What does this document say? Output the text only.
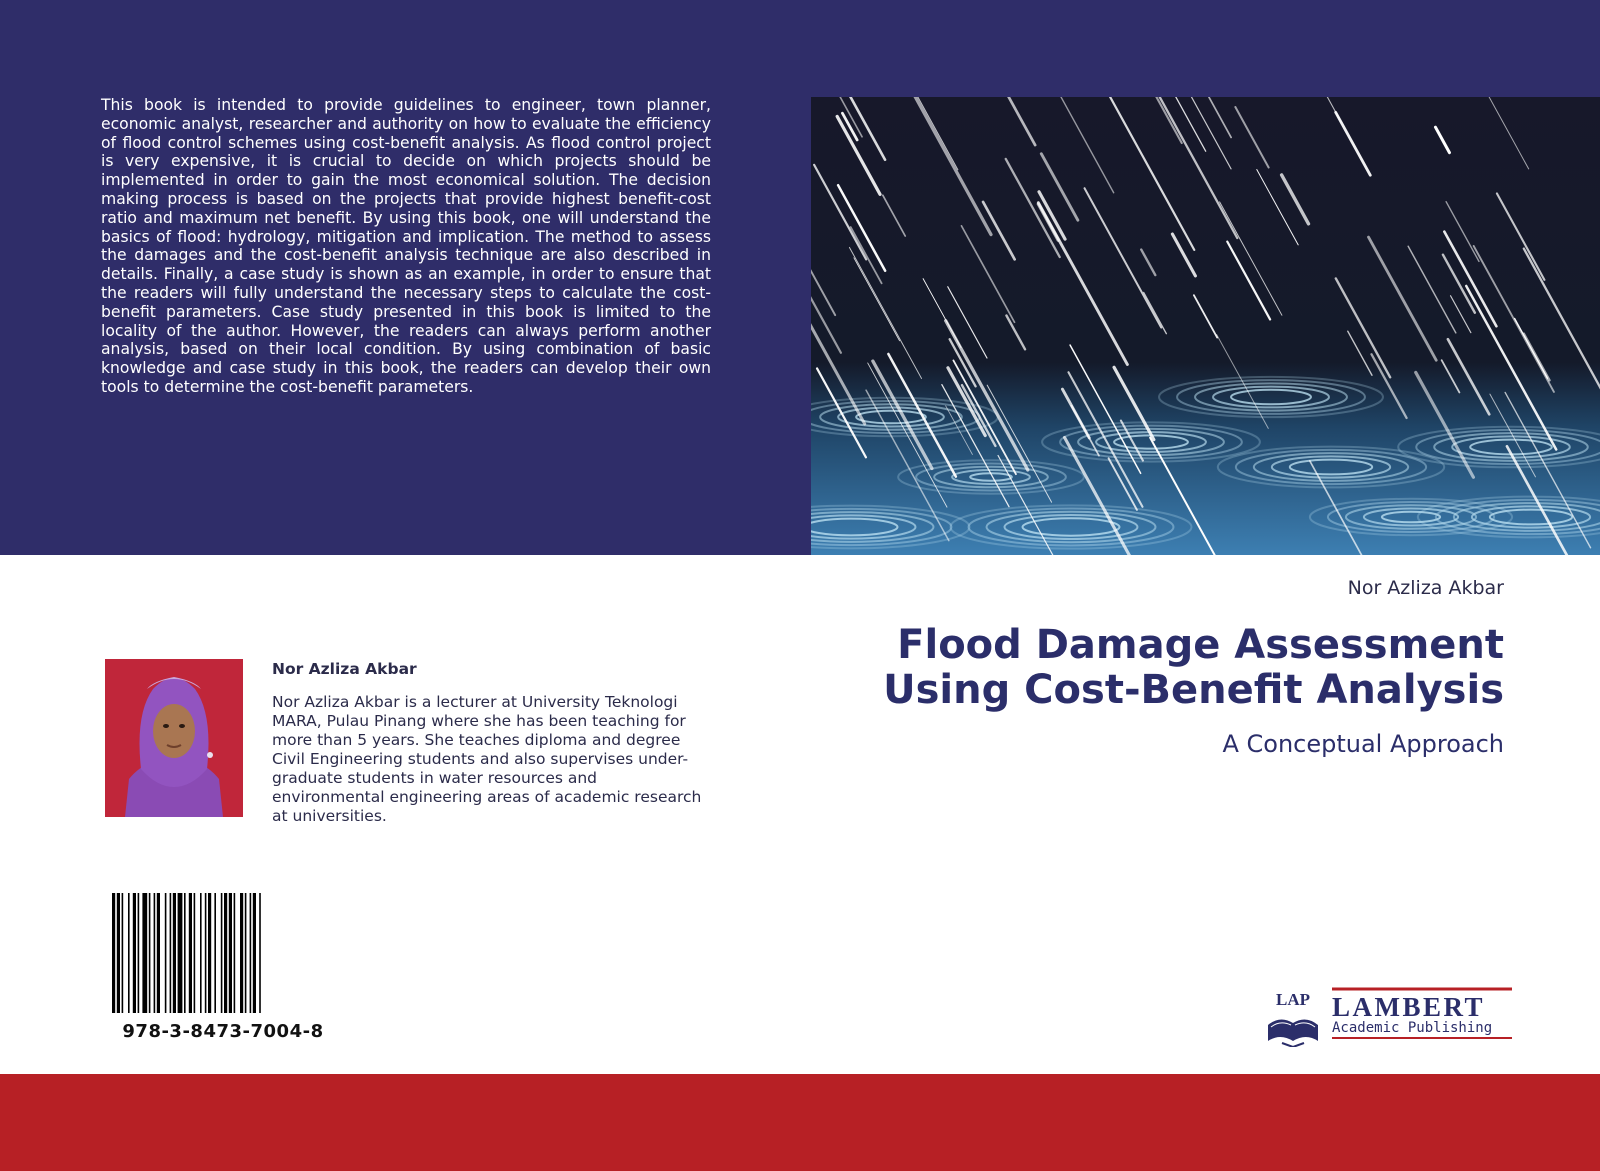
This book is intended to provide guidelines to engineer, town planner, economic analyst, researcher and authority on how to evaluate the efficiency of flood control schemes using cost-benefit analysis. As flood control project is very expensive, it is crucial to decide on which projects should be implemented in order to gain the most economical solution. The decision making process is based on the projects that provide highest benefit-cost ratio and maximum net benefit. By using this book, one will understand the basics of flood: hydrology, mitigation and implication. The method to assess the damages and the cost-benefit analysis technique are also described in details. Finally, a case study is shown as an example, in order to ensure that the readers will fully understand the necessary steps to calculate the cost-benefit parameters. Case study presented in this book is limited to the locality of the author. However, the readers can always perform another analysis, based on their local condition. By using combination of basic knowledge and case study in this book, the readers can develop their own tools to determine the cost-benefit parameters.

Nor Azliza Akbar
Flood Damage Assessment
Using Cost-Benefit Analysis
A Conceptual Approach
Nor Azliza Akbar

Nor Azliza Akbar is a lecturer at University Teknologi MARA, Pulau Pinang where she has been teaching for more than 5 years. She teaches diploma and degree Civil Engineering students and also supervises under-graduate students in water resources and environmental engineering areas of academic research at universities.

978-3-8473-7004-8
LAP LAMBERT
Academic Publishing
